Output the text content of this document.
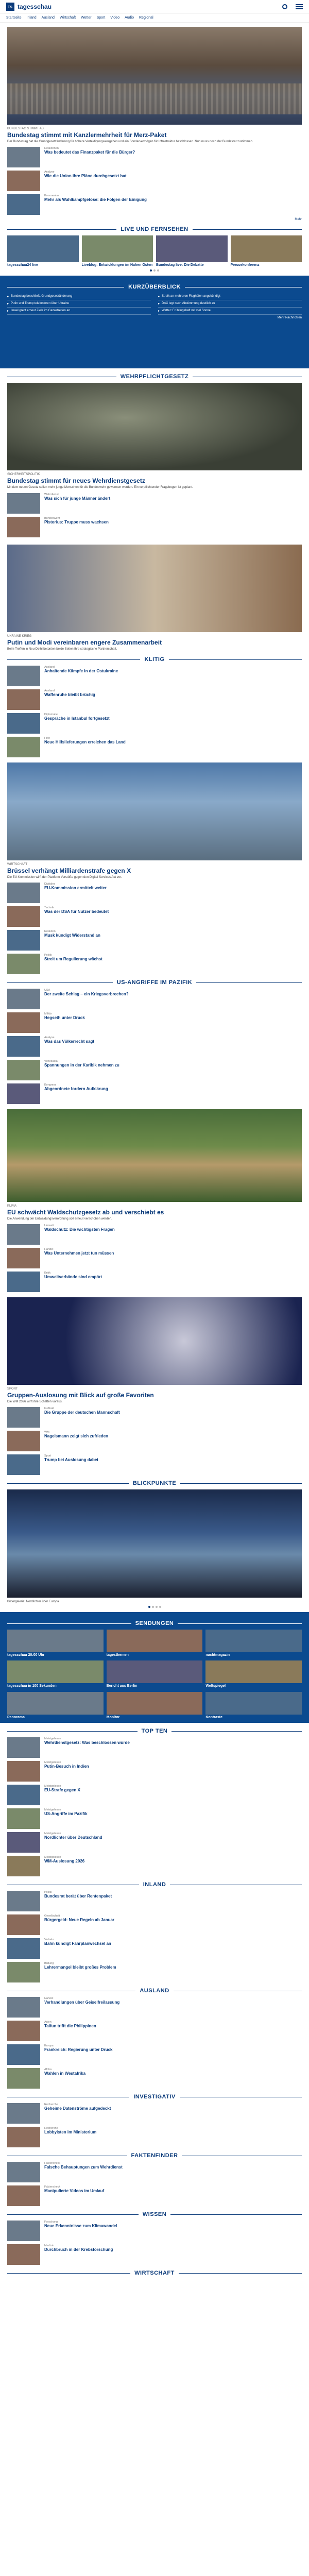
ts tagesschau
Startseite Inland Ausland Wirtschaft Wetter Sport Video Audio Regional
BUNDESTAG STIMMT AB
Bundestag stimmt mit Kanzlermehrheit für Merz-Paket
Der Bundestag hat die Grundgesetzänderung für höhere Verteidigungsausgaben und ein Sondervermögen für Infrastruktur beschlossen. Nun muss noch der Bundesrat zustimmen.
Reaktionen
Was bedeutet das Finanzpaket für die Bürger?
Analyse
Wie die Union ihre Pläne durchgesetzt hat
Kommentar
Mehr als Wahlkampfgetöse: die Folgen der Einigung
Mehr
LIVE UND FERNSEHEN
tagesschau24 live	Liveblog: Entwicklungen im Nahen Osten Bundestag live: Die Debatte	Pressekonferenz
KURZÜBERBLICK
▸ Bundestag beschließt Grundgesetzänderung
▸ Putin und Trump telefonieren über Ukraine
▸ Israel greift erneut Ziele im Gazastreifen an
▸ Streik an mehreren Flughäfen angekündigt
▸ DAX legt nach Abstimmung deutlich zu
▸ Wetter: Frühlingshaft mit viel Sonne
Mehr Nachrichten
WEHRPFLICHTGESETZ
SICHERHEITSPOLITIK
Bundestag stimmt für neues Wehrdienstgesetz
Mit dem neuen Gesetz sollen mehr junge Menschen für die Bundeswehr gewonnen werden. Ein verpflichtender Fragebogen ist geplant.
Wehrdienst
Was sich für junge Männer ändert
Bundeswehr
Pistorius: Truppe muss wachsen
UKRAINE-KRIEG
Putin und Modi vereinbaren engere Zusammenarbeit
Beim Treffen in Neu-Delhi betonten beide Seiten ihre strategische Partnerschaft.
KLITIG
Ausland
Anhaltende Kämpfe in der Ostukraine
Ausland
Waffenruhe bleibt brüchig
Diplomatie
Gespräche in Istanbul fortgesetzt
Hilfe
Neue Hilfslieferungen erreichen das Land
WIRTSCHAFT
Brüssel verhängt Milliardenstrafe gegen X
Die EU-Kommission wirft der Plattform Verstöße gegen den Digital Services Act vor.
Digitales
EU-Kommission ermittelt weiter
Technik
Was der DSA für Nutzer bedeutet
Reaktion
Musk kündigt Widerstand an
Politik
Streit um Regulierung wächst
US-ANGRIFFE IM PAZIFIK
USA
Der zweite Schlag – ein Kriegsverbrechen?
Militär
Hegseth unter Druck
Analyse
Was das Völkerrecht sagt
Venezuela
Spannungen in der Karibik nehmen zu
Kongress
Abgeordnete fordern Aufklärung
KLIMA
EU schwächt Waldschutzgesetz ab und verschiebt es
Die Anwendung der Entwaldungsverordnung soll erneut verschoben werden.
Umwelt
Waldschutz: Die wichtigsten Fragen
Handel
Was Unternehmen jetzt tun müssen
Kritik
Umweltverbände sind empört
SPORT
Gruppen-Auslosung mit Blick auf große Favoriten
Die WM 2026 wirft ihre Schatten voraus.
Fußball
Die Gruppe der deutschen Mannschaft
WM
Nagelsmann zeigt sich zufrieden
Sport
Trump bei Auslosung dabei
BLICKPUNKTE
Bildergalerie: Nordlichter über Europa
SENDUNGEN
tagesschau 20:00 Uhr	tagesthemen	nachtmagazin
tagesschau in 100 Sekunden	Bericht aus Berlin	Weltspiegel
Panorama	Monitor	Kontraste
TOP TEN
Meistgelesen
Wehrdienstgesetz: Was beschlossen wurde
Meistgelesen
Putin-Besuch in Indien
Meistgelesen
EU-Strafe gegen X
Meistgelesen
US-Angriffe im Pazifik
Meistgelesen
Nordlichter über Deutschland
Meistgelesen
WM-Auslosung 2026
INLAND
Politik
Bundesrat berät über Rentenpaket
Gesellschaft
Bürgergeld: Neue Regeln ab Januar
Verkehr
Bahn kündigt Fahrplanwechsel an
Bildung
Lehrermangel bleibt großes Problem
AUSLAND
Nahost
Verhandlungen über Geiselfreilassung
Asien
Taifun trifft die Philippinen
Europa
Frankreich: Regierung unter Druck
Afrika
Wahlen in Westafrika
INVESTIGATIV
Recherche
Geheime Datenströme aufgedeckt
Recherche
Lobbyisten im Ministerium
FAKTENFINDER
Faktencheck
Falsche Behauptungen zum Wehrdienst
Faktencheck
Manipulierte Videos im Umlauf
WISSEN
Forschung
Neue Erkenntnisse zum Klimawandel
Medizin
Durchbruch in der Krebsforschung
WIRTSCHAFT
